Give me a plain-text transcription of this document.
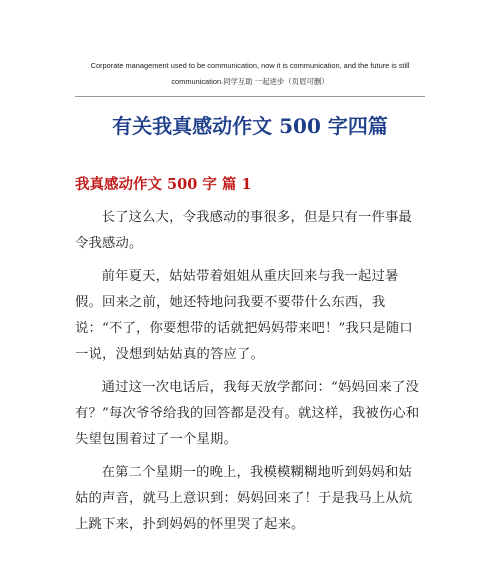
Corporate management used to be communication, now it is communication, and the future is still
communication.同学互助 一起进步（页眉可删）
有关我真感动作文 500 字四篇
我真感动作文 500 字 篇 1

长了这么大，令我感动的事很多，但是只有一件事最令我感动。

前年夏天，姑姑带着姐姐从重庆回来与我一起过暑假。回来之前，她还特地问我要不要带什么东西，我说：“不了，你要想带的话就把妈妈带来吧！”我只是随口一说，没想到姑姑真的答应了。

通过这一次电话后，我每天放学都问：“妈妈回来了没有？”每次爷爷给我的回答都是没有。就这样，我被伤心和失望包围着过了一个星期。

在第二个星期一的晚上，我模模糊糊地听到妈妈和姑姑的声音，就马上意识到：妈妈回来了！于是我马上从炕上跳下来，扑到妈妈的怀里哭了起来。
